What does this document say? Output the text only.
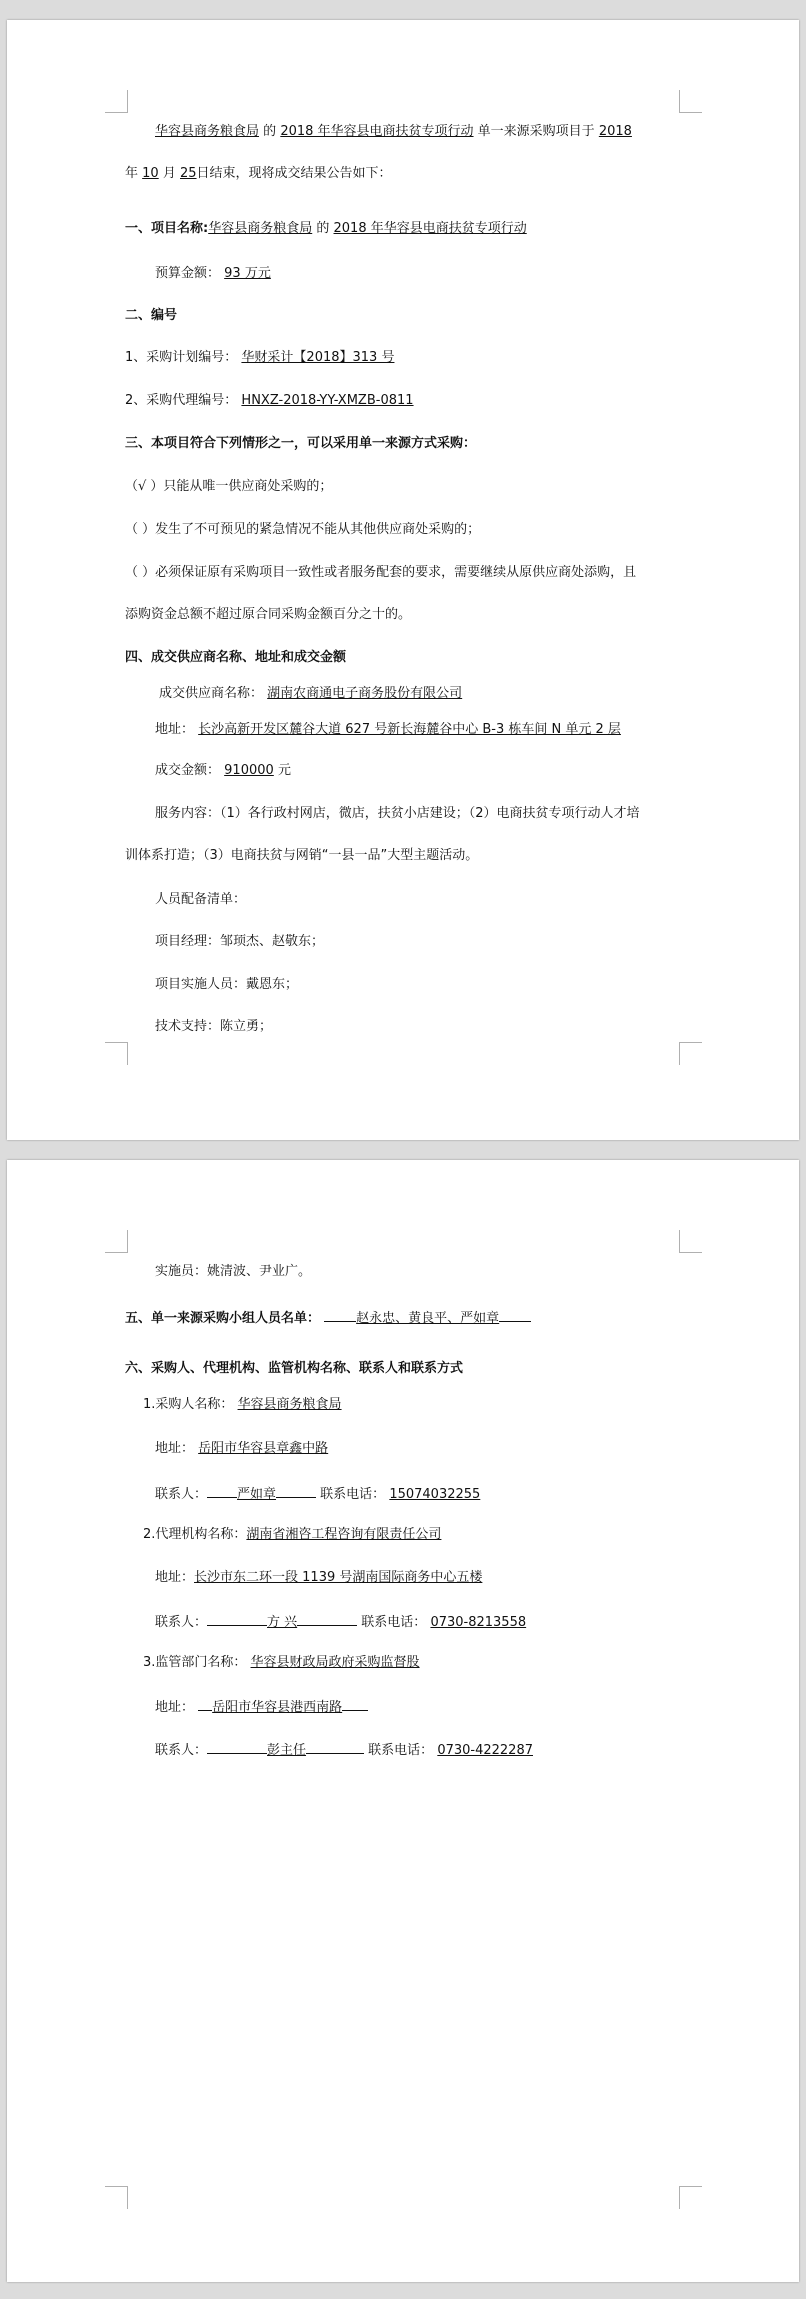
华容县商务粮食局 的 2018 年华容县电商扶贫专项行动 单一来源采购项目于 2018
年 10 月 25日结束，现将成交结果公告如下：
一、项目名称:华容县商务粮食局 的 2018 年华容县电商扶贫专项行动
预算金额： 93 万元
二、编号
1、采购计划编号： 华财采计【2018】313 号
2、采购代理编号： HNXZ-2018-YY-XMZB-0811
三、本项目符合下列情形之一，可以采用单一来源方式采购：
（√ ）只能从唯一供应商处采购的；
（ ）发生了不可预见的紧急情况不能从其他供应商处采购的；
（ ）必须保证原有采购项目一致性或者服务配套的要求，需要继续从原供应商处添购，且
添购资金总额不超过原合同采购金额百分之十的。
四、成交供应商名称、地址和成交金额
成交供应商名称： 湖南农商通电子商务股份有限公司
地址： 长沙高新开发区麓谷大道 627 号新长海麓谷中心 B-3 栋车间 N 单元 2 层
成交金额： 910000 元
服务内容：（1）各行政村网店，微店，扶贫小店建设；（2）电商扶贫专项行动人才培
训体系打造；（3）电商扶贫与网销“一县一品”大型主题活动。
人员配备清单：
项目经理：邹顼杰、赵敬东；
项目实施人员：戴恩东；
技术支持：陈立勇；
实施员：姚清波、尹业广。
五、单一来源采购小组人员名单：	赵永忠、黄良平、严如章
六、采购人、代理机构、监管机构名称、联系人和联系方式
1.采购人名称： 华容县商务粮食局
地址： 岳阳市华容县章鑫中路
联系人： 严如章	联系电话： 15074032255
2.代理机构名称：湖南省湘咨工程咨询有限责任公司
地址：长沙市东二环一段 1139 号湖南国际商务中心五楼
联系人：	方 兴	联系电话： 0730-8213558
3.监管部门名称： 华容县财政局政府采购监督股
地址： 岳阳市华容县港西南路
联系人：	彭主任	联系电话： 0730-4222287
